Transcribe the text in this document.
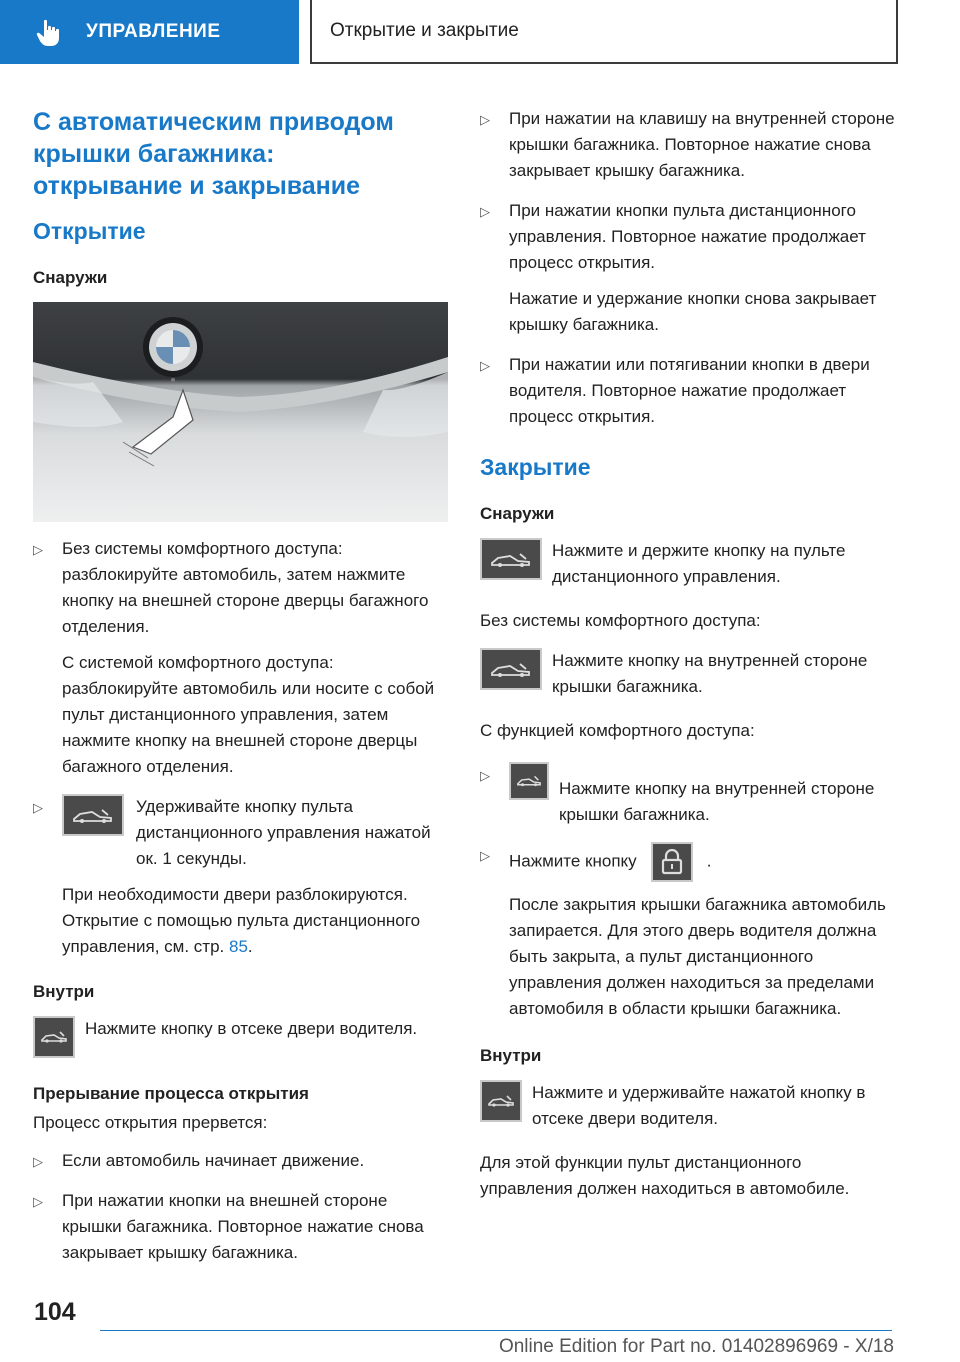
УПРАВЛЕНИЕ	Открытие и закрытие
С автоматическим приводом крышки багажника: открывание и закрывание
Открытие
Снаружи
▷ Без системы комфортного доступа: разблокируйте автомобиль, затем нажмите кнопку на внешней стороне дверцы багажного отделения.
С системой комфортного доступа: разблокируйте автомобиль или носите с собой пульт дистанционного управления, затем нажмите кнопку на внешней стороне дверцы багажного отделения.
▷	Удерживайте кнопку пульта дистанционного управления нажатой ок. 1 секунды.
При необходимости двери разблокируются. Открытие с помощью пульта дистанционного управления, см. стр. 85.
Внутри
Нажмите кнопку в отсеке двери водителя.
Прерывание процесса открытия

Процесс открытия прервется:

▷ Если автомобиль начинает движение.
▷ При нажатии кнопки на внешней стороне крышки багажника. Повторное нажатие снова закрывает крышку багажника.
▷ При нажатии на клавишу на внутренней стороне крышки багажника. Повторное нажатие снова закрывает крышку багажника.
▷ При нажатии кнопки пульта дистанционного управления. Повторное нажатие продолжает процесс открытия.
Нажатие и удержание кнопки снова закрывает крышку багажника.
▷ При нажатии или потягивании кнопки в двери водителя. Повторное нажатие продолжает процесс открытия.
Закрытие
Снаружи
Нажмите и держите кнопку на пульте дистанционного управления.

Без системы комфортного доступа:

Нажмите кнопку на внутренней стороне крышки багажника.

С функцией комфортного доступа:

▷
Нажмите кнопку на внутренней стороне крышки багажника.
▷ Нажмите кнопку	.
После закрытия крышки багажника автомобиль запирается. Для этого дверь водителя должна быть закрыта, а пульт дистанционного управления должен находиться за пределами автомобиля в области крышки багажника.
Внутри
Нажмите и удерживайте нажатой кнопку в отсеке двери водителя.

Для этой функции пульт дистанционного управления должен находиться в автомобиле.

104
Online Edition for Part no. 01402896969 - X/18
